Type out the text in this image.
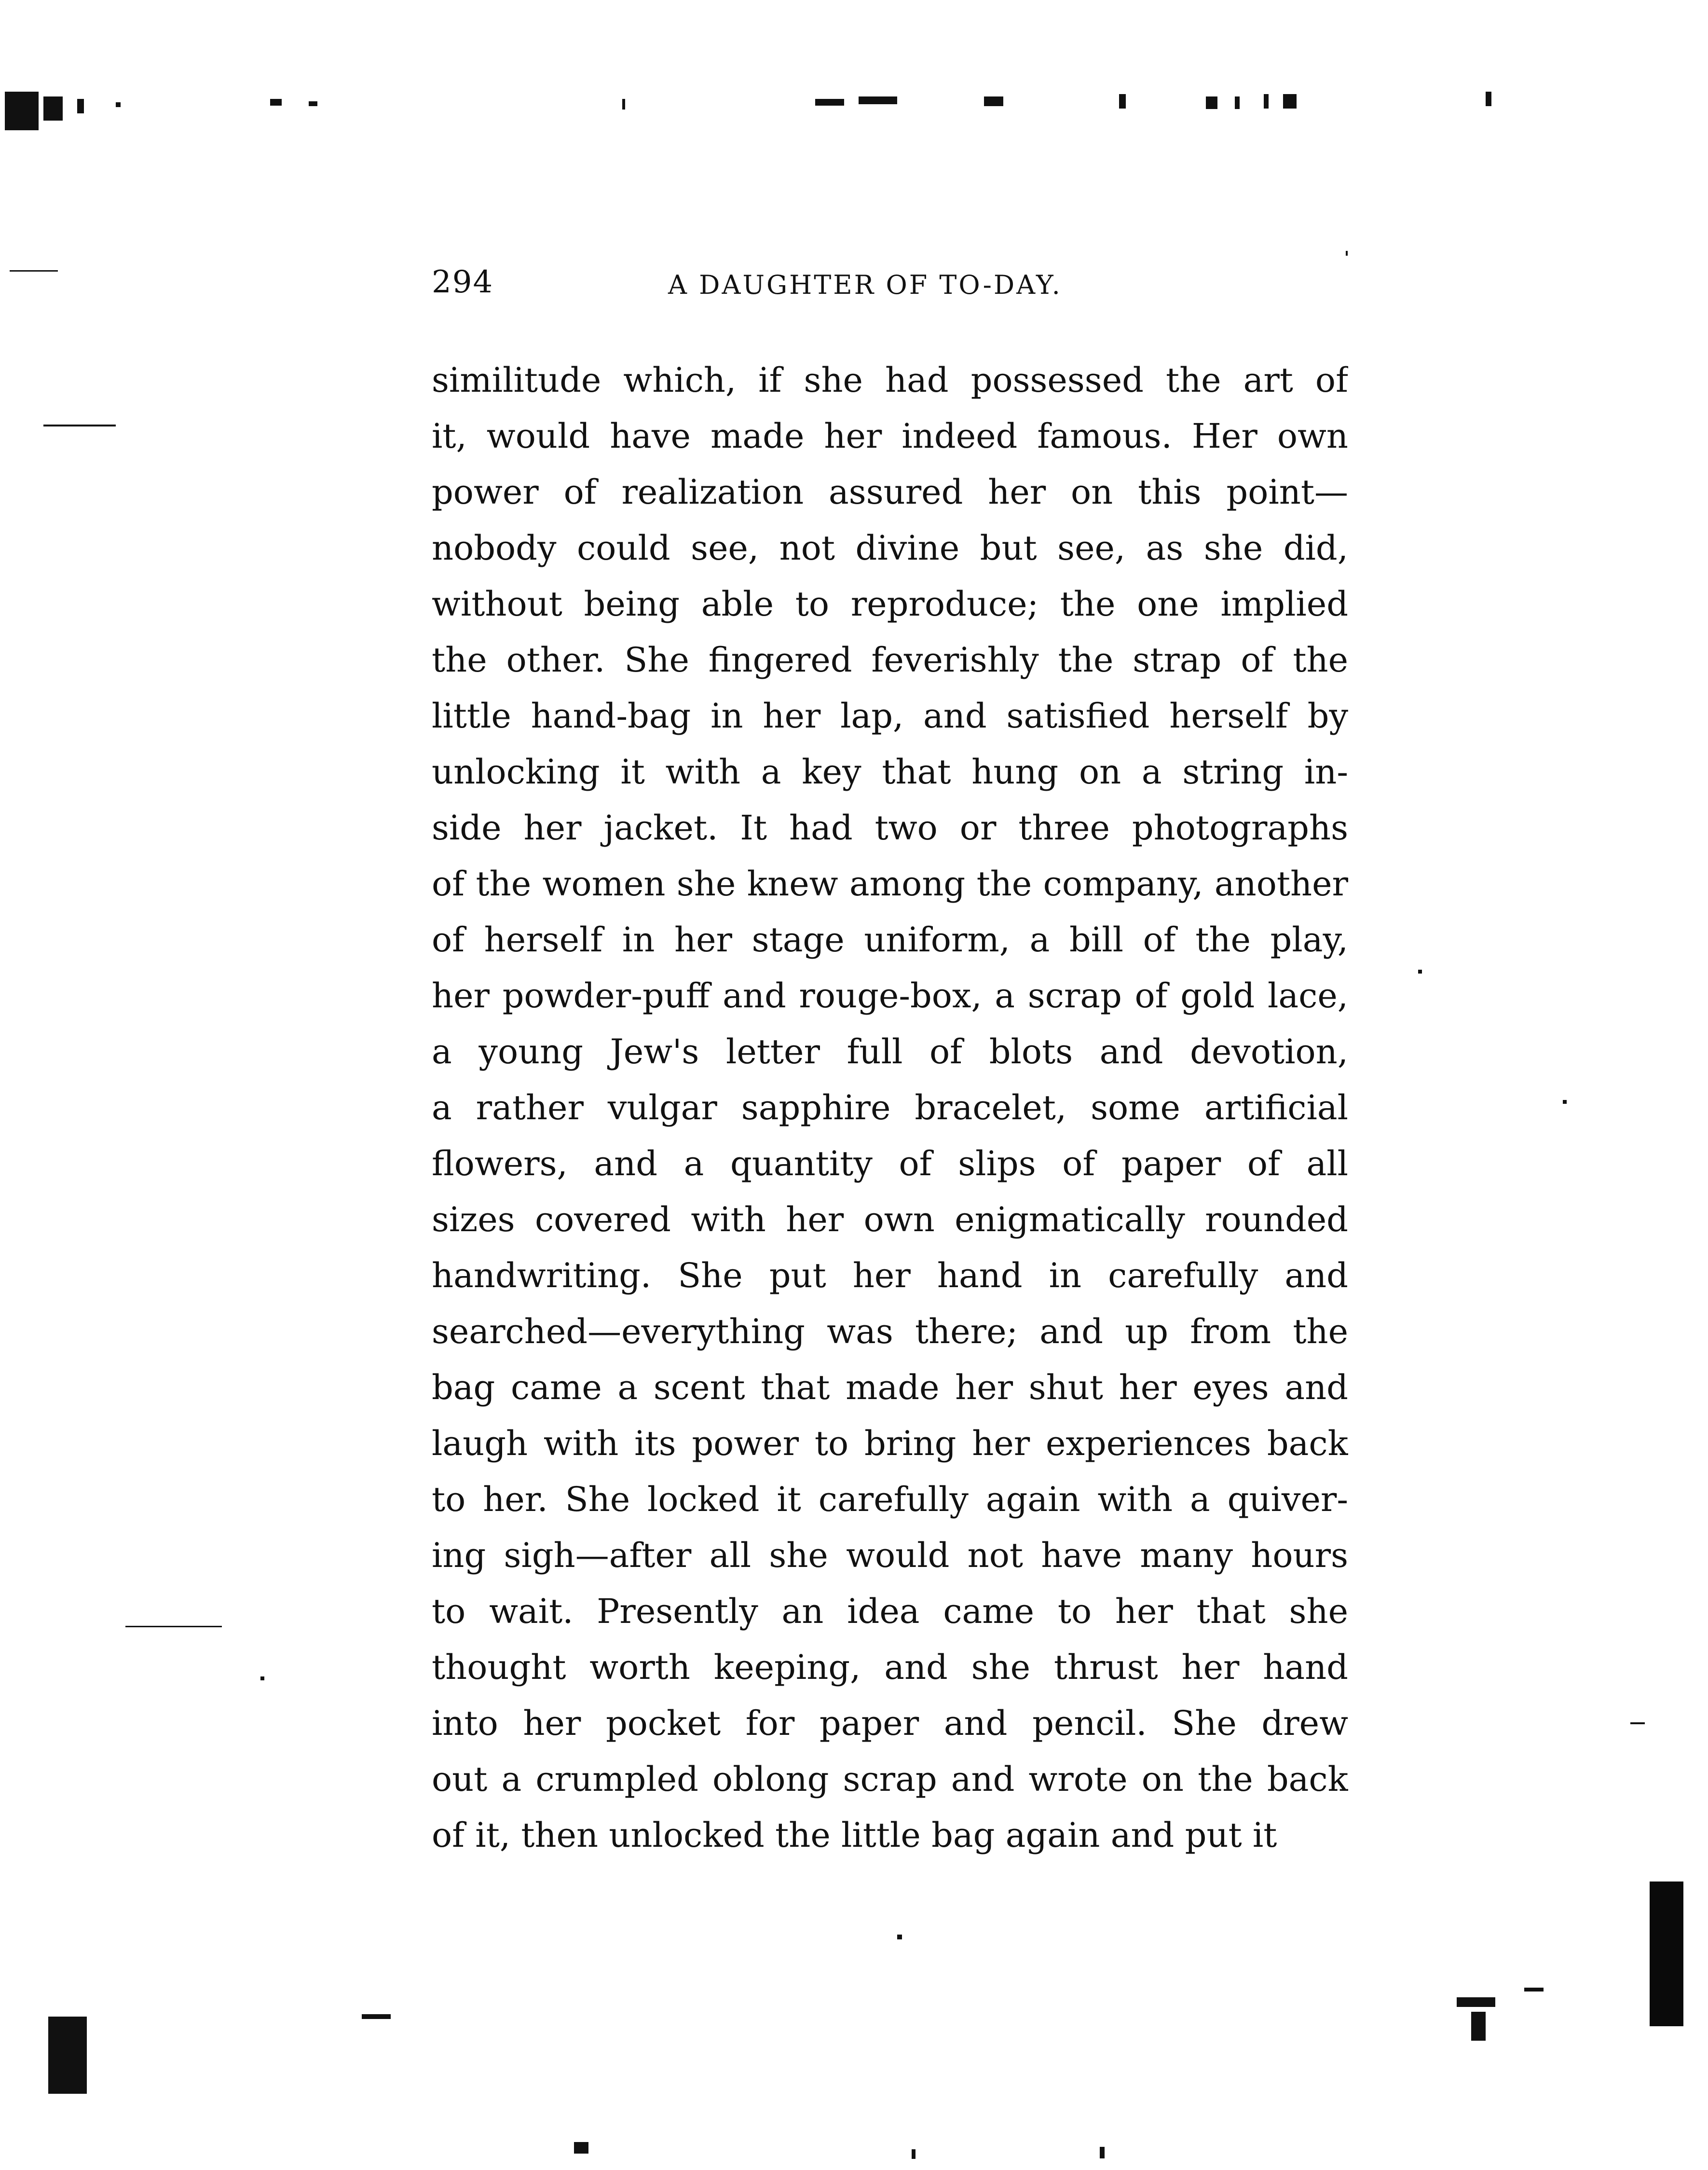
294	A DAUGHTER OF TO-DAY.
similitude which, if she had possessed the art of
it, would have made her indeed famous. Her own
power of realization assured her on this point—
nobody could see, not divine but see, as she did,
without being able to reproduce; the one implied
the other. She fingered feverishly the strap of the
little hand-bag in her lap, and satisfied herself by
unlocking it with a key that hung on a string in-
side her jacket. It had two or three photographs
of the women she knew among the company, another
of herself in her stage uniform, a bill of the play,
her powder-puff and rouge-box, a scrap of gold lace,
a young Jew's letter full of blots and devotion,
a rather vulgar sapphire bracelet, some artificial
flowers, and a quantity of slips of paper of all
sizes covered with her own enigmatically rounded
handwriting. She put her hand in carefully and
searched—everything was there; and up from the
bag came a scent that made her shut her eyes and
laugh with its power to bring her experiences back
to her. She locked it carefully again with a quiver-
ing sigh—after all she would not have many hours
to wait. Presently an idea came to her that she
thought worth keeping, and she thrust her hand
into her pocket for paper and pencil. She drew
out a crumpled oblong scrap and wrote on the back
of it, then unlocked the little bag again and put it
